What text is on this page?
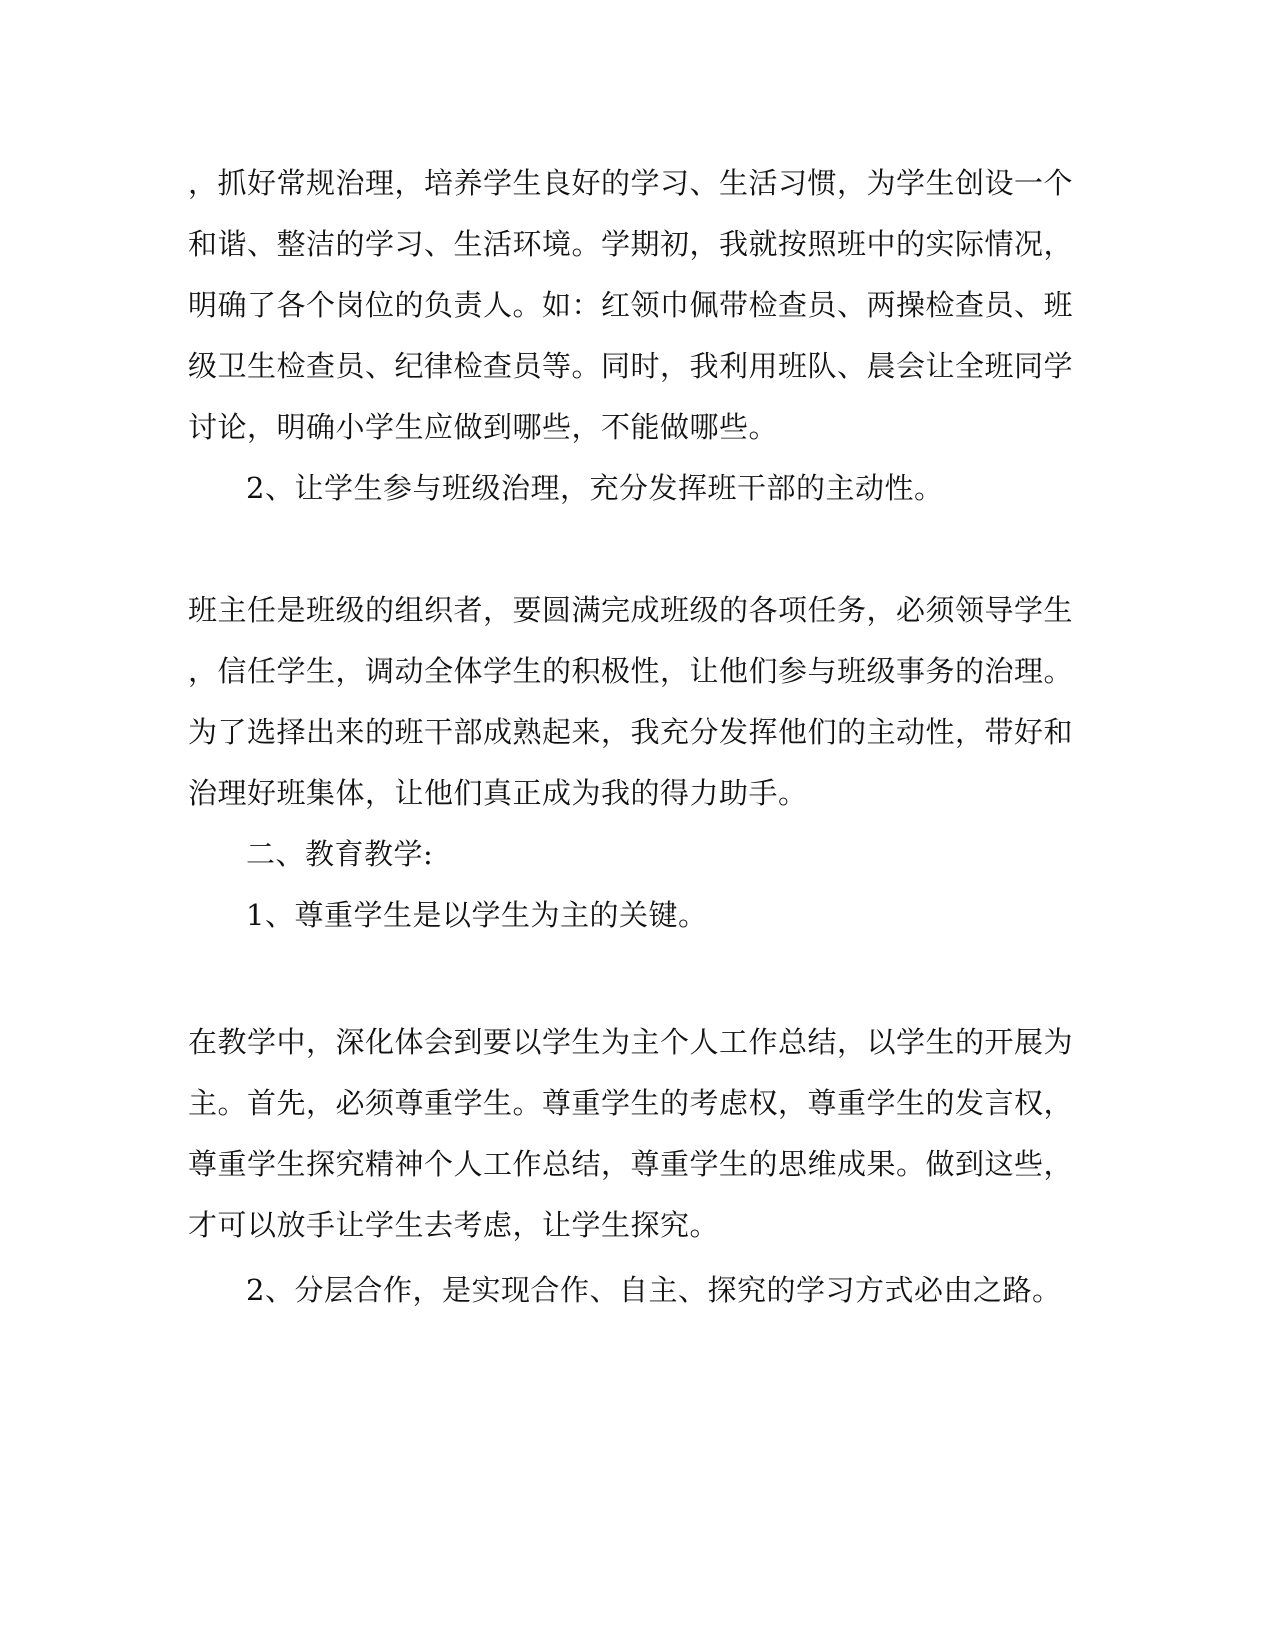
，抓好常规治理，培养学生良好的学习、生活习惯，为学生创设一个
和谐、整洁的学习、生活环境。学期初，我就按照班中的实际情况，
明确了各个岗位的负责人。如：红领巾佩带检查员、两操检查员、班
级卫生检查员、纪律检查员等。同时，我利用班队、晨会让全班同学
讨论，明确小学生应做到哪些，不能做哪些。
2、让学生参与班级治理，充分发挥班干部的主动性。
班主任是班级的组织者，要圆满完成班级的各项任务，必须领导学生
，信任学生，调动全体学生的积极性，让他们参与班级事务的治理。
为了选择出来的班干部成熟起来，我充分发挥他们的主动性，带好和
治理好班集体，让他们真正成为我的得力助手。
二、教育教学:
1、尊重学生是以学生为主的关键。
在教学中，深化体会到要以学生为主个人工作总结，以学生的开展为
主。首先，必须尊重学生。尊重学生的考虑权，尊重学生的发言权，
尊重学生探究精神个人工作总结，尊重学生的思维成果。做到这些，
才可以放手让学生去考虑，让学生探究。
2、分层合作，是实现合作、自主、探究的学习方式必由之路。
